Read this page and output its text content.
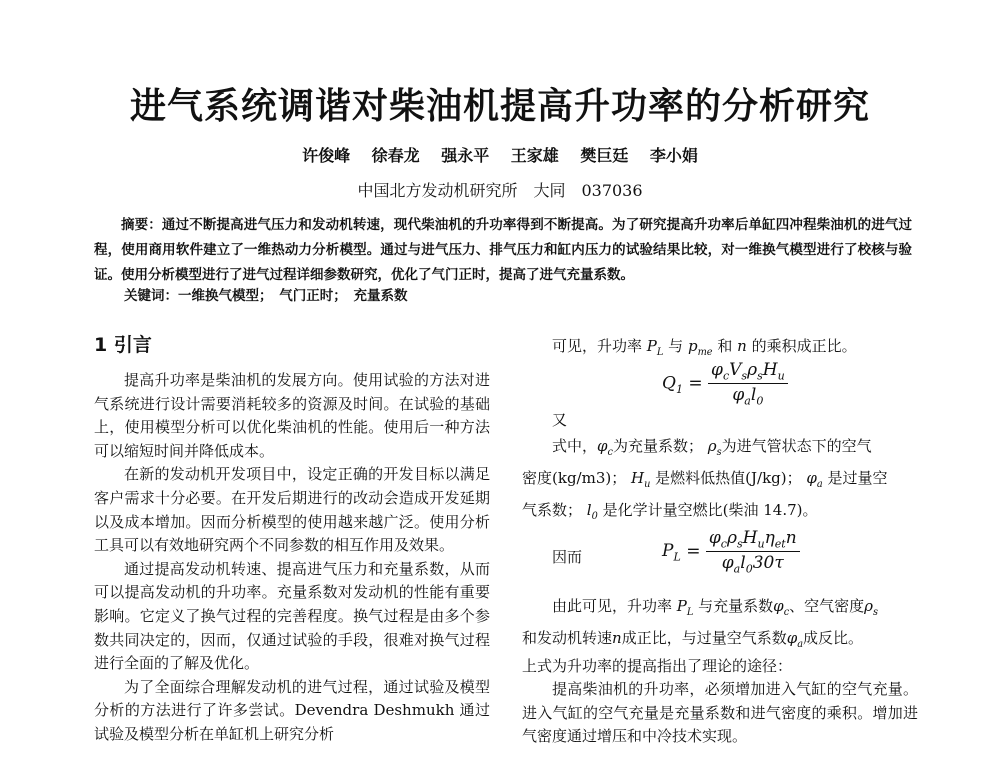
进气系统调谐对柴油机提高升功率的分析研究
许俊峰 徐春龙 强永平 王家雄 樊巨廷 李小娟
中国北方发动机研究所　大同　037036

摘要：通过不断提高进气压力和发动机转速，现代柴油机的升功率得到不断提高。为了研究提高升功率后单缸四冲程柴油机的进气过程，使用商用软件建立了一维热动力分析模型。通过与进气压力、排气压力和缸内压力的试验结果比较，对一维换气模型进行了校核与验证。使用分析模型进行了进气过程详细参数研究，优化了气门正时，提高了进气充量系数。

关键词：一维换气模型；　气门正时；　充量系数
1 引言

提高升功率是柴油机的发展方向。使用试验的方法对进气系统进行设计需要消耗较多的资源及时间。在试验的基础上，使用模型分析可以优化柴油机的性能。使用后一种方法可以缩短时间并降低成本。

在新的发动机开发项目中，设定正确的开发目标以满足客户需求十分必要。在开发后期进行的改动会造成开发延期以及成本增加。因而分析模型的使用越来越广泛。使用分析工具可以有效地研究两个不同参数的相互作用及效果。

通过提高发动机转速、提高进气压力和充量系数，从而可以提高发动机的升功率。充量系数对发动机的性能有重要影响。它定义了换气过程的完善程度。换气过程是由多个参数共同决定的，因而，仅通过试验的手段，很难对换气过程进行全面的了解及优化。

为了全面综合理解发动机的进气过程，通过试验及模型分析的方法进行了许多尝试。Devendra Deshmukh 通过试验及模型分析在单缸机上研究分析

可见，升功率 $P_L$ 与 $p_{me}$ 和 n 的乘积成正比。
$Q_1 = \frac{\varphi_cV_s\rho_sH_u}{\varphi_al_0}$
又
式中，$\varphi_c$为充量系数； $\rho_s$为进气管状态下的空气
密度(kg/m3)； $H_u$ 是燃料低热值(J/kg)； $\varphi_a$ 是过量空
气系数； $l_0$ 是化学计量空燃比(柴油 14.7)。
因而	$P_L = \frac{\varphi_c\rho_sH_u\eta_{et}n}{\varphi_al_030\tau}$
由此可见，升功率 $P_L$ 与充量系数$\varphi_c$、空气密度$\rho_s$
和发动机转速n成正比，与过量空气系数$\varphi_a$成反比。
上式为升功率的提高指出了理论的途径：

提高柴油机的升功率，必须增加进入气缸的空气充量。进入气缸的空气充量是充量系数和进气密度的乘积。增加进气密度通过增压和中冷技术实现。
